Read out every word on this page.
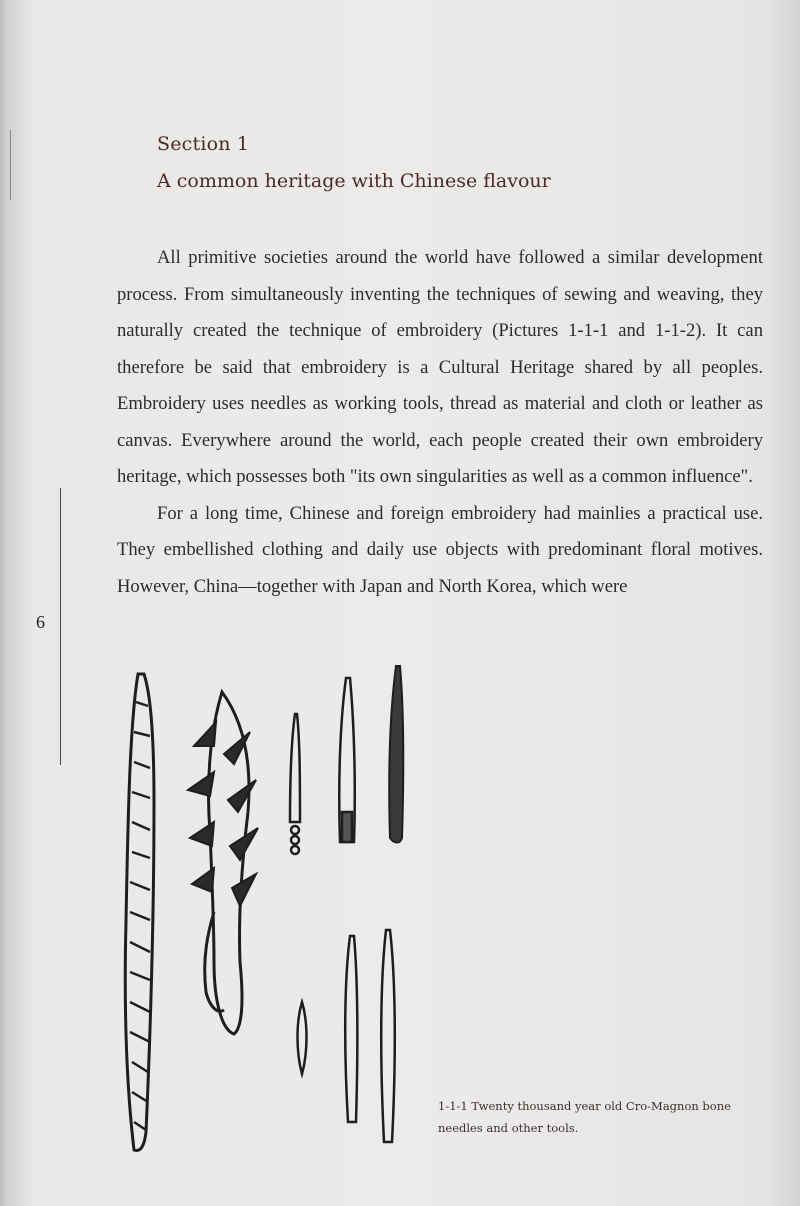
Section 1
A common heritage with Chinese flavour

All primitive societies around the world have followed a similar development process. From simultaneously inventing the techniques of sewing and weaving, they naturally created the technique of embroidery (Pictures 1-1-1 and 1-1-2). It can therefore be said that embroidery is a Cultural Heritage shared by all peoples. Embroidery uses needles as working tools, thread as material and cloth or leather as canvas. Everywhere around the world, each people created their own embroidery heritage, which possesses both "its own singularities as well as a common influence".

For a long time, Chinese and foreign embroidery had mainlies a practical use. They embellished clothing and daily use objects with predominant floral motives. However, China—together with Japan and North Korea, which were

6
1-1-1 Twenty thousand year old Cro-Magnon bone
needles and other tools.
